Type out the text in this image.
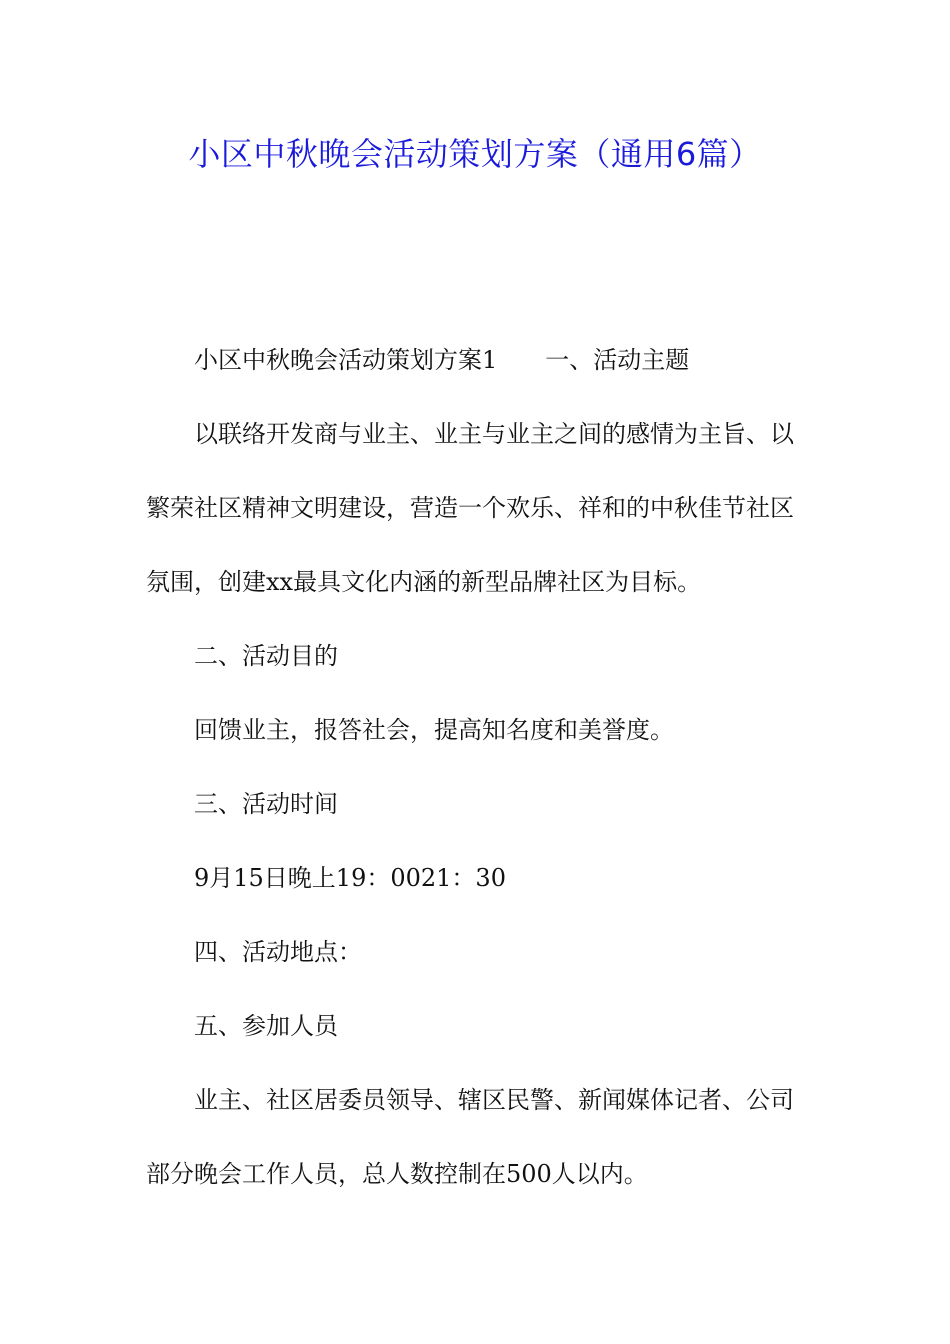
小区中秋晚会活动策划方案（通用6篇）

小区中秋晚会活动策划方案1　　一、活动主题

以联络开发商与业主、业主与业主之间的感情为主旨、以繁荣社区精神文明建设，营造一个欢乐、祥和的中秋佳节社区氛围，创建xx最具文化内涵的新型品牌社区为目标。

二、活动目的

回馈业主，报答社会，提高知名度和美誉度。

三、活动时间

9月15日晚上19：0021：30

四、活动地点：

五、参加人员

业主、社区居委员领导、辖区民警、新闻媒体记者、公司部分晚会工作人员，总人数控制在500人以内。
